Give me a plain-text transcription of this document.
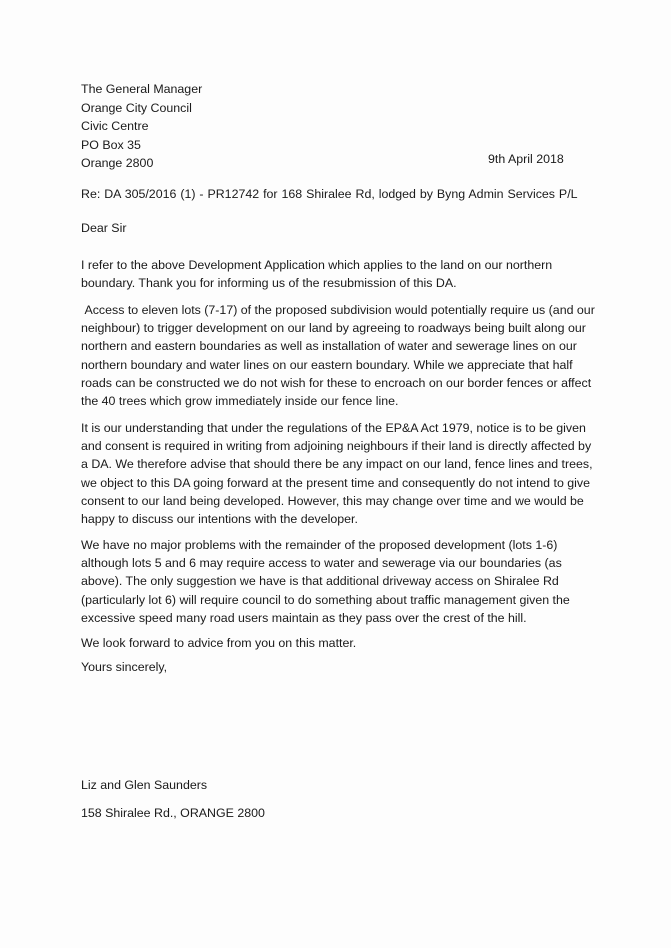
The General Manager
Orange City Council
Civic Centre
PO Box 35
Orange 2800	9th April 2018
Re: DA 305/2016 (1) - PR12742 for 168 Shiralee Rd, lodged by Byng Admin Services P/L
Dear Sir
I refer to the above Development Application which applies to the land on our northern boundary. Thank you for informing us of the resubmission of this DA.
Access to eleven lots (7-17) of the proposed subdivision would potentially require us (and our neighbour) to trigger development on our land by agreeing to roadways being built along our northern and eastern boundaries as well as installation of water and sewerage lines on our northern boundary and water lines on our eastern boundary. While we appreciate that half roads can be constructed we do not wish for these to encroach on our border fences or affect the 40 trees which grow immediately inside our fence line.
It is our understanding that under the regulations of the EP&A Act 1979, notice is to be given and consent is required in writing from adjoining neighbours if their land is directly affected by a DA. We therefore advise that should there be any impact on our land, fence lines and trees, we object to this DA going forward at the present time and consequently do not intend to give consent to our land being developed. However, this may change over time and we would be happy to discuss our intentions with the developer.
We have no major problems with the remainder of the proposed development (lots 1-6) although lots 5 and 6 may require access to water and sewerage via our boundaries (as above). The only suggestion we have is that additional driveway access on Shiralee Rd (particularly lot 6) will require council to do something about traffic management given the excessive speed many road users maintain as they pass over the crest of the hill.
We look forward to advice from you on this matter.
Yours sincerely,
Liz and Glen Saunders
158 Shiralee Rd., ORANGE 2800
